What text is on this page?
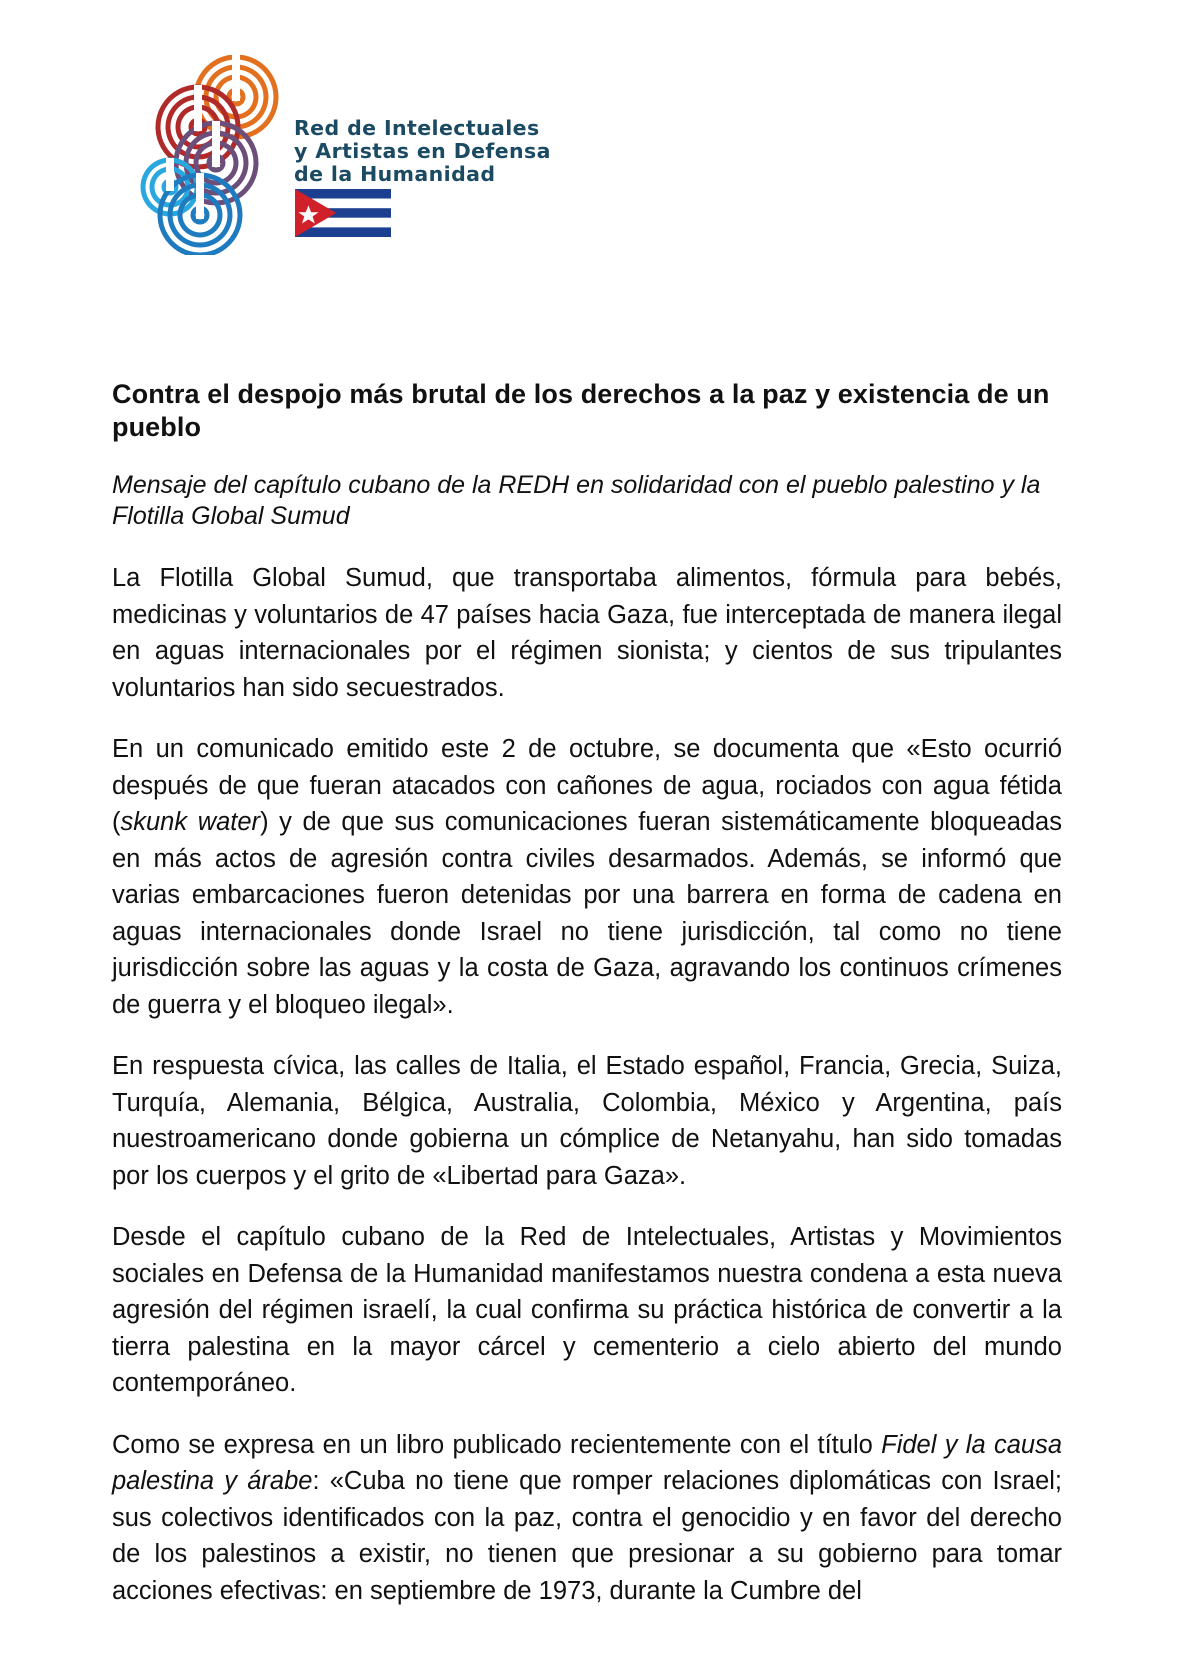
Red de Intelectuales
y Artistas en Defensa
de la Humanidad
Contra el despojo más brutal de los derechos a la paz y existencia de un pueblo

Mensaje del capítulo cubano de la REDH en solidaridad con el pueblo palestino y la Flotilla Global Sumud

La Flotilla Global Sumud, que transportaba alimentos, fórmula para bebés, medicinas y voluntarios de 47 países hacia Gaza, fue interceptada de manera ilegal en aguas internacionales por el régimen sionista; y cientos de sus tripulantes voluntarios han sido secuestrados.

En un comunicado emitido este 2 de octubre, se documenta que «Esto ocurrió después de que fueran atacados con cañones de agua, rociados con agua fétida (skunk water) y de que sus comunicaciones fueran sistemáticamente bloqueadas en más actos de agresión contra civiles desarmados. Además, se informó que varias embarcaciones fueron detenidas por una barrera en forma de cadena en aguas internacionales donde Israel no tiene jurisdicción, tal como no tiene jurisdicción sobre las aguas y la costa de Gaza, agravando los continuos crímenes de guerra y el bloqueo ilegal».

En respuesta cívica, las calles de Italia, el Estado español, Francia, Grecia, Suiza, Turquía, Alemania, Bélgica, Australia, Colombia, México y Argentina, país nuestroamericano donde gobierna un cómplice de Netanyahu, han sido tomadas por los cuerpos y el grito de «Libertad para Gaza».

Desde el capítulo cubano de la Red de Intelectuales, Artistas y Movimientos sociales en Defensa de la Humanidad manifestamos nuestra condena a esta nueva agresión del régimen israelí, la cual confirma su práctica histórica de convertir a la tierra palestina en la mayor cárcel y cementerio a cielo abierto del mundo contemporáneo.

Como se expresa en un libro publicado recientemente con el título Fidel y la causa palestina y árabe: «Cuba no tiene que romper relaciones diplomáticas con Israel; sus colectivos identificados con la paz, contra el genocidio y en favor del derecho de los palestinos a existir, no tienen que presionar a su gobierno para tomar acciones efectivas: en septiembre de 1973, durante la Cumbre del
